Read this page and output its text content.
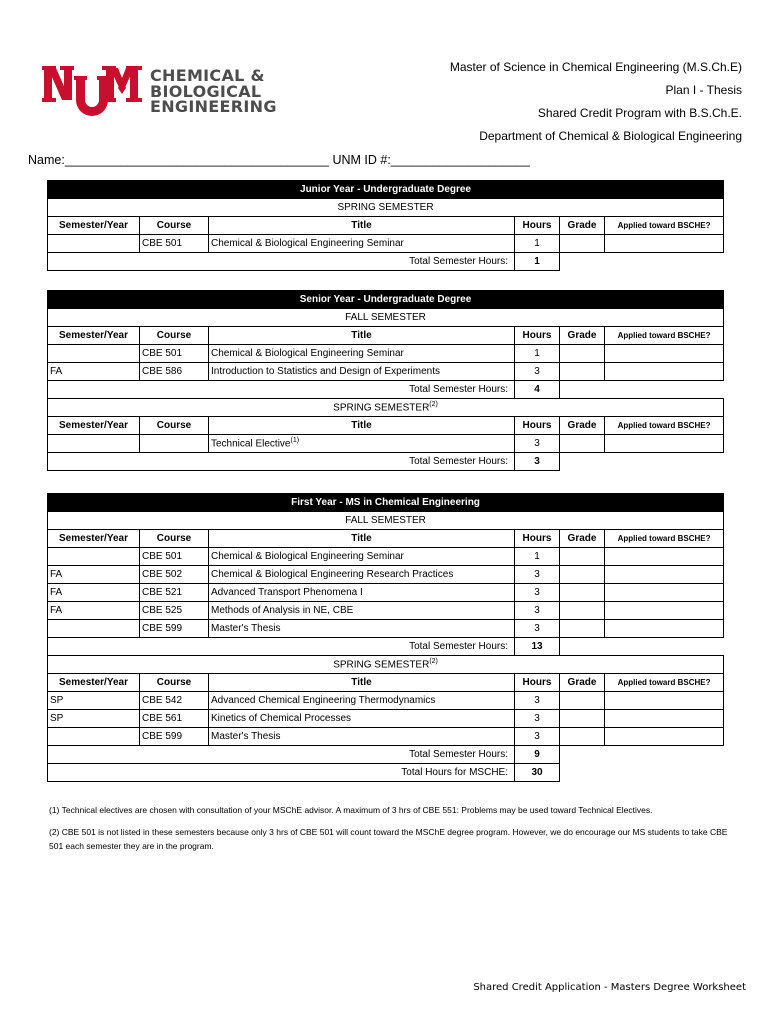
CHEMICAL &
BIOLOGICAL
ENGINEERING
Master of Science in Chemical Engineering (M.S.Ch.E)
Plan I - Thesis
Shared Credit Program with B.S.Ch.E.
Department of Chemical & Biological Engineering
Name:______________________________________ UNM ID #:____________________
Junior Year - Undergraduate Degree					
SPRING SEMESTER					
Semester/Year	Course	Title	Hours	Grade	Applied toward BSCHE?
	CBE 501	Chemical & Biological Engineering Seminar	1		
Total Semester Hours:			1		
Senior Year - Undergraduate Degree					
FALL SEMESTER					
Semester/Year	Course	Title	Hours	Grade	Applied toward BSCHE?
	CBE 501	Chemical & Biological Engineering Seminar	1		
FA	CBE 586	Introduction to Statistics and Design of Experiments	3		
Total Semester Hours:			4		
SPRING SEMESTER$^{(2)}$
Semester/Year	Course	Title	Hours	Grade	Applied toward BSCHE?
		Technical Elective$^{(1)}$	3		
Total Semester Hours:			3		
First Year - MS in Chemical Engineering					
FALL SEMESTER					
Semester/Year	Course	Title	Hours	Grade	Applied toward BSCHE?
	CBE 501	Chemical & Biological Engineering Seminar	1		
FA	CBE 502	Chemical & Biological Engineering Research Practices	3		
FA	CBE 521	Advanced Transport Phenomena I	3		
FA	CBE 525	Methods of Analysis in NE, CBE	3		
	CBE 599	Master's Thesis	3		
Total Semester Hours:			13		
SPRING SEMESTER$^{(2)}$
Semester/Year	Course	Title	Hours	Grade	Applied toward BSCHE?
SP	CBE 542	Advanced Chemical Engineering Thermodynamics	3		
SP	CBE 561	Kinetics of Chemical Processes	3		
	CBE 599	Master's Thesis	3		
Total Semester Hours:			9		
Total Hours for MSCHE:			30		
(1) Technical electives are chosen with consultation of your MSChE advisor. A maximum of 3 hrs of CBE 551: Problems may be used toward Technical Electives.
(2) CBE 501 is not listed in these semesters because only 3 hrs of CBE 501 will count toward the MSChE degree program. However, we do encourage our MS students to take CBE 501 each semester they are in the program.
Shared Credit Application - Masters Degree Worksheet
